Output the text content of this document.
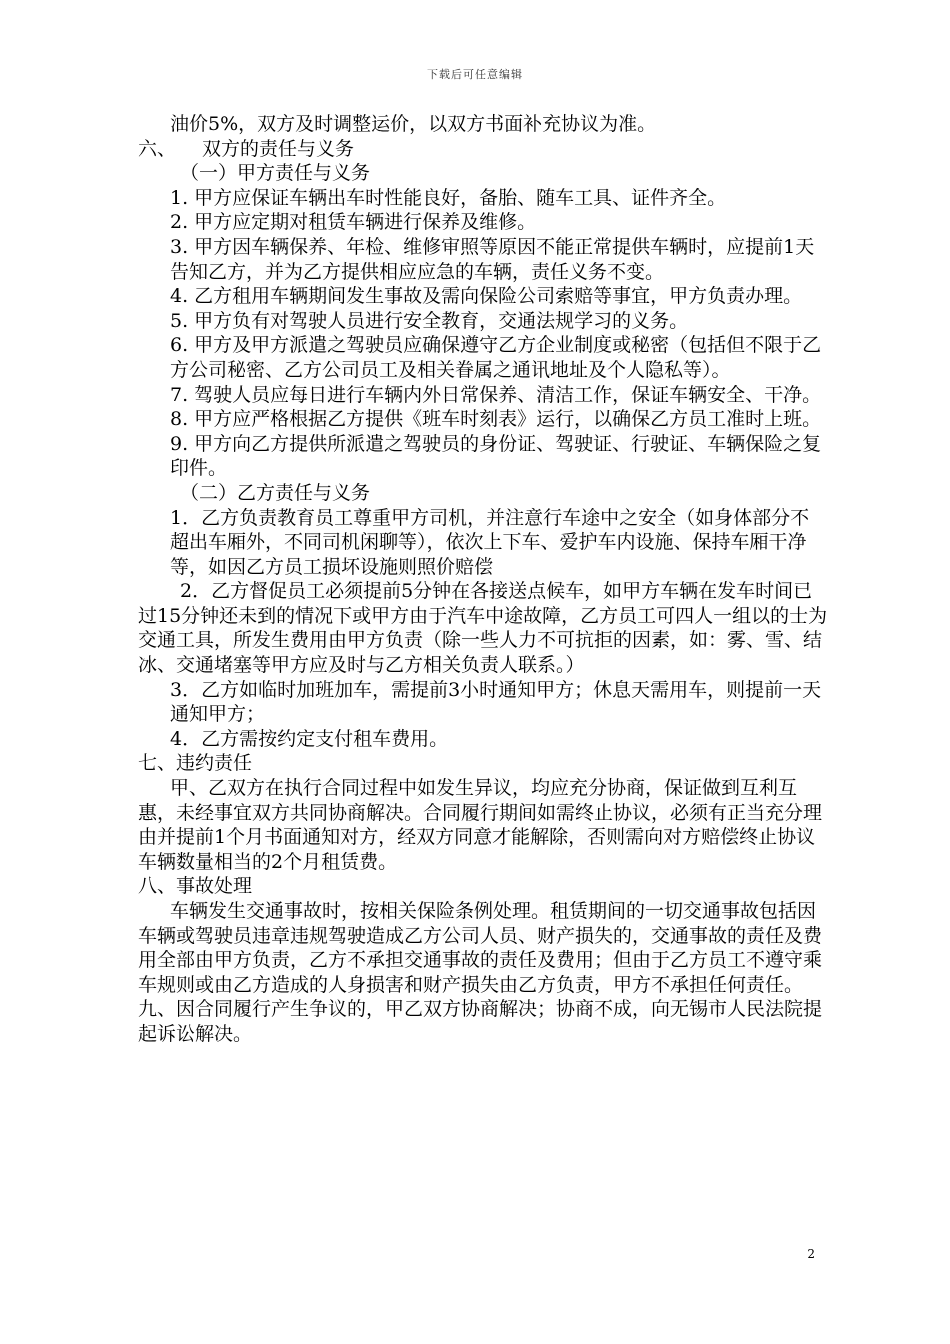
下载后可任意编辑

油价5%，双方及时调整运价，以双方书面补充协议为准。

六、 双方的责任与义务

（一）甲方责任与义务

1. 甲方应保证车辆出车时性能良好，备胎、随车工具、证件齐全。

2. 甲方应定期对租赁车辆进行保养及维修。

3. 甲方因车辆保养、年检、维修审照等原因不能正常提供车辆时，应提前1天告知乙方，并为乙方提供相应应急的车辆，责任义务不变。

4. 乙方租用车辆期间发生事故及需向保险公司索赔等事宜，甲方负责办理。

5. 甲方负有对驾驶人员进行安全教育，交通法规学习的义务。

6. 甲方及甲方派遣之驾驶员应确保遵守乙方企业制度或秘密（包括但不限于乙方公司秘密、乙方公司员工及相关眷属之通讯地址及个人隐私等）。

7. 驾驶人员应每日进行车辆内外日常保养、清洁工作，保证车辆安全、干净。

8. 甲方应严格根据乙方提供《班车时刻表》运行，以确保乙方员工准时上班。

9. 甲方向乙方提供所派遣之驾驶员的身份证、驾驶证、行驶证、车辆保险之复印件。

（二）乙方责任与义务

1．乙方负责教育员工尊重甲方司机，并注意行车途中之安全（如身体部分不超出车厢外，不同司机闲聊等），依次上下车、爱护车内设施、保持车厢干净等，如因乙方员工损坏设施则照价赔偿

2．乙方督促员工必须提前5分钟在各接送点候车，如甲方车辆在发车时间已过15分钟还未到的情况下或甲方由于汽车中途故障，乙方员工可四人一组以的士为交通工具，所发生费用由甲方负责（除一些人力不可抗拒的因素，如：雾、雪、结冰、交通堵塞等甲方应及时与乙方相关负责人联系。）

3．乙方如临时加班加车，需提前3小时通知甲方；休息天需用车，则提前一天通知甲方；

4．乙方需按约定支付租车费用。

七、违约责任

甲、乙双方在执行合同过程中如发生异议，均应充分协商，保证做到互利互惠，未经事宜双方共同协商解决。合同履行期间如需终止协议，必须有正当充分理由并提前1个月书面通知对方，经双方同意才能解除，否则需向对方赔偿终止协议车辆数量相当的2个月租赁费。

八、事故处理

车辆发生交通事故时，按相关保险条例处理。租赁期间的一切交通事故包括因车辆或驾驶员违章违规驾驶造成乙方公司人员、财产损失的，交通事故的责任及费用全部由甲方负责，乙方不承担交通事故的责任及费用；但由于乙方员工不遵守乘车规则或由乙方造成的人身损害和财产损失由乙方负责，甲方不承担任何责任。

九、因合同履行产生争议的，甲乙双方协商解决；协商不成，向无锡市人民法院提起诉讼解决。

2
